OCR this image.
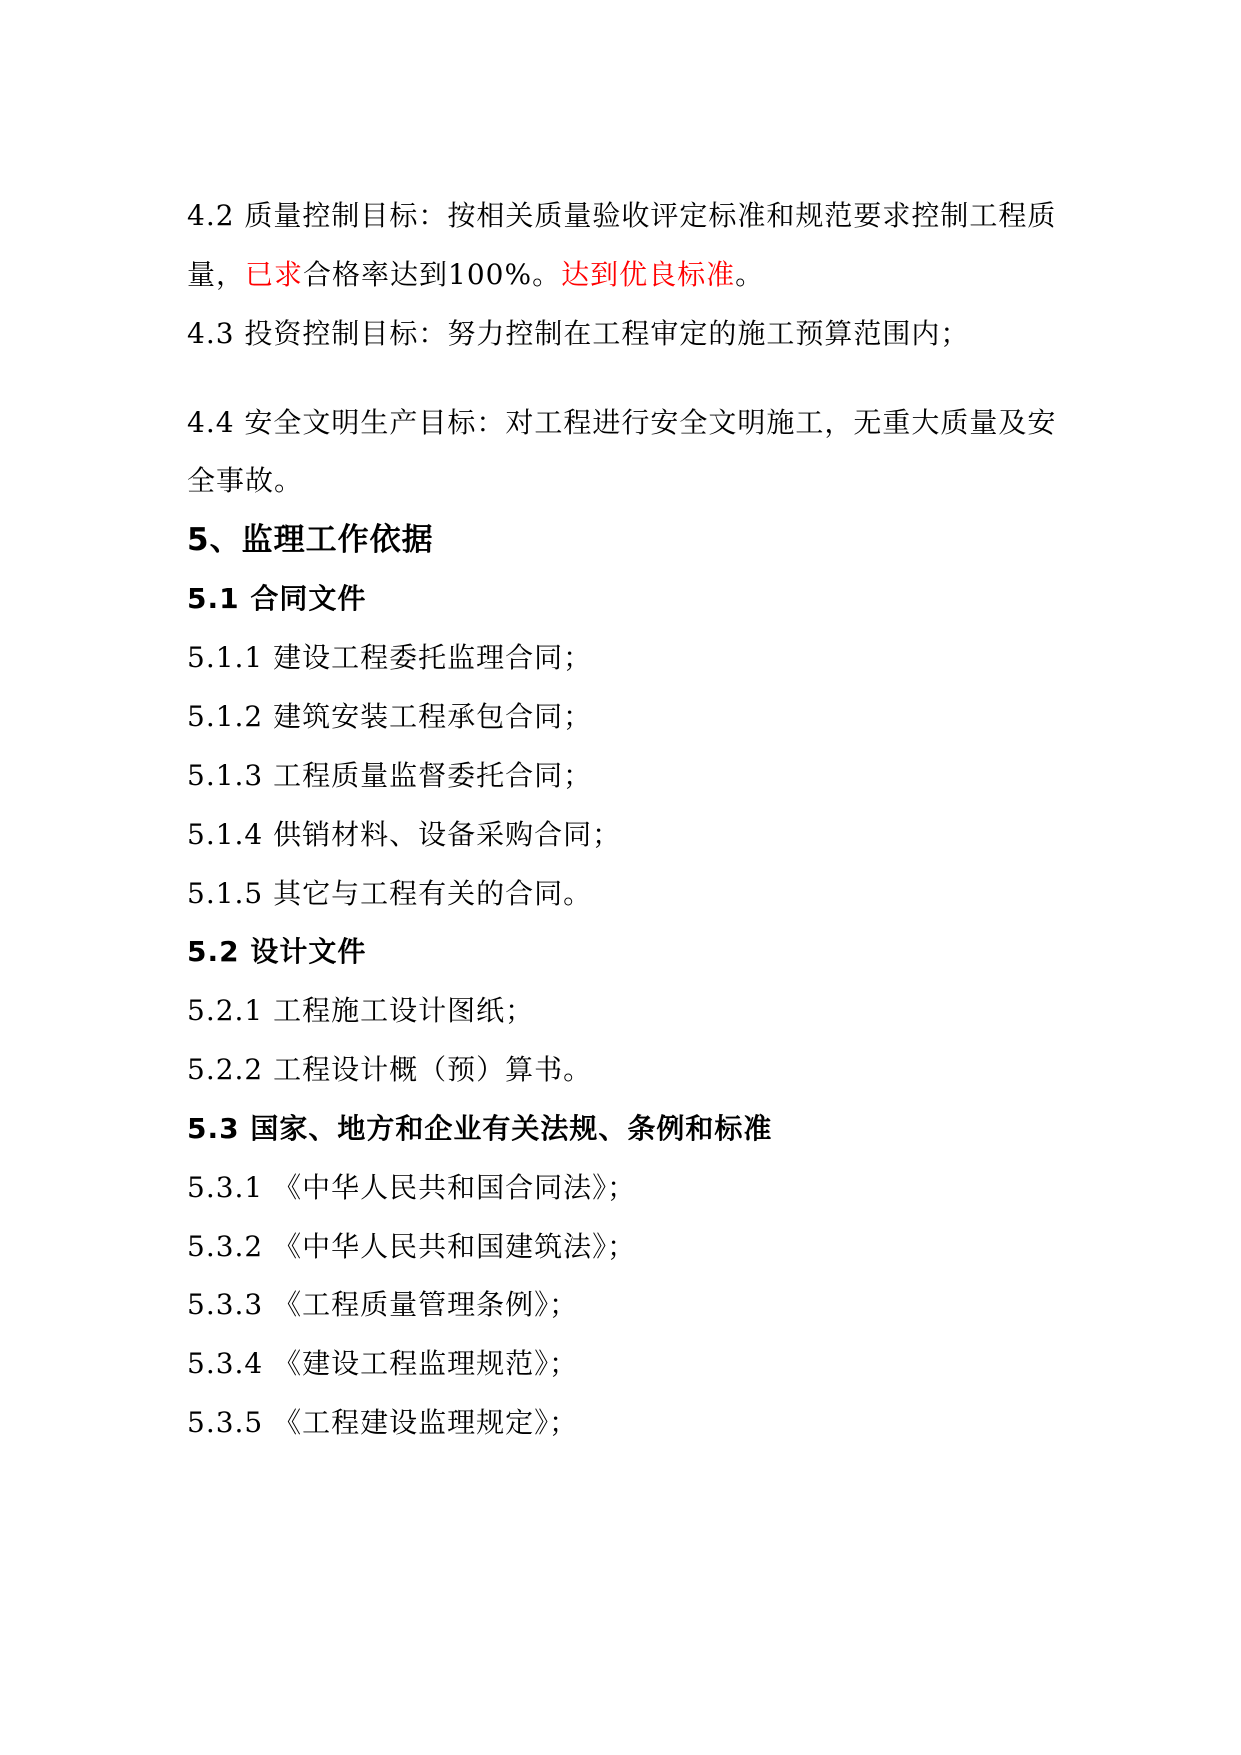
4.2 质量控制目标：按相关质量验收评定标准和规范要求控制工程质
量，已求合格率达到100%。达到优良标准。
4.3 投资控制目标：努力控制在工程审定的施工预算范围内；
4.4 安全文明生产目标：对工程进行安全文明施工，无重大质量及安
全事故。
5、监理工作依据
5.1 合同文件
5.1.1 建设工程委托监理合同；
5.1.2 建筑安装工程承包合同；
5.1.3 工程质量监督委托合同；
5.1.4 供销材料、设备采购合同；
5.1.5 其它与工程有关的合同。
5.2 设计文件
5.2.1 工程施工设计图纸；
5.2.2 工程设计概（预）算书。
5.3 国家、地方和企业有关法规、条例和标准
5.3.1 《中华人民共和国合同法》；
5.3.2 《中华人民共和国建筑法》；
5.3.3 《工程质量管理条例》；
5.3.4 《建设工程监理规范》；
5.3.5 《工程建设监理规定》；
